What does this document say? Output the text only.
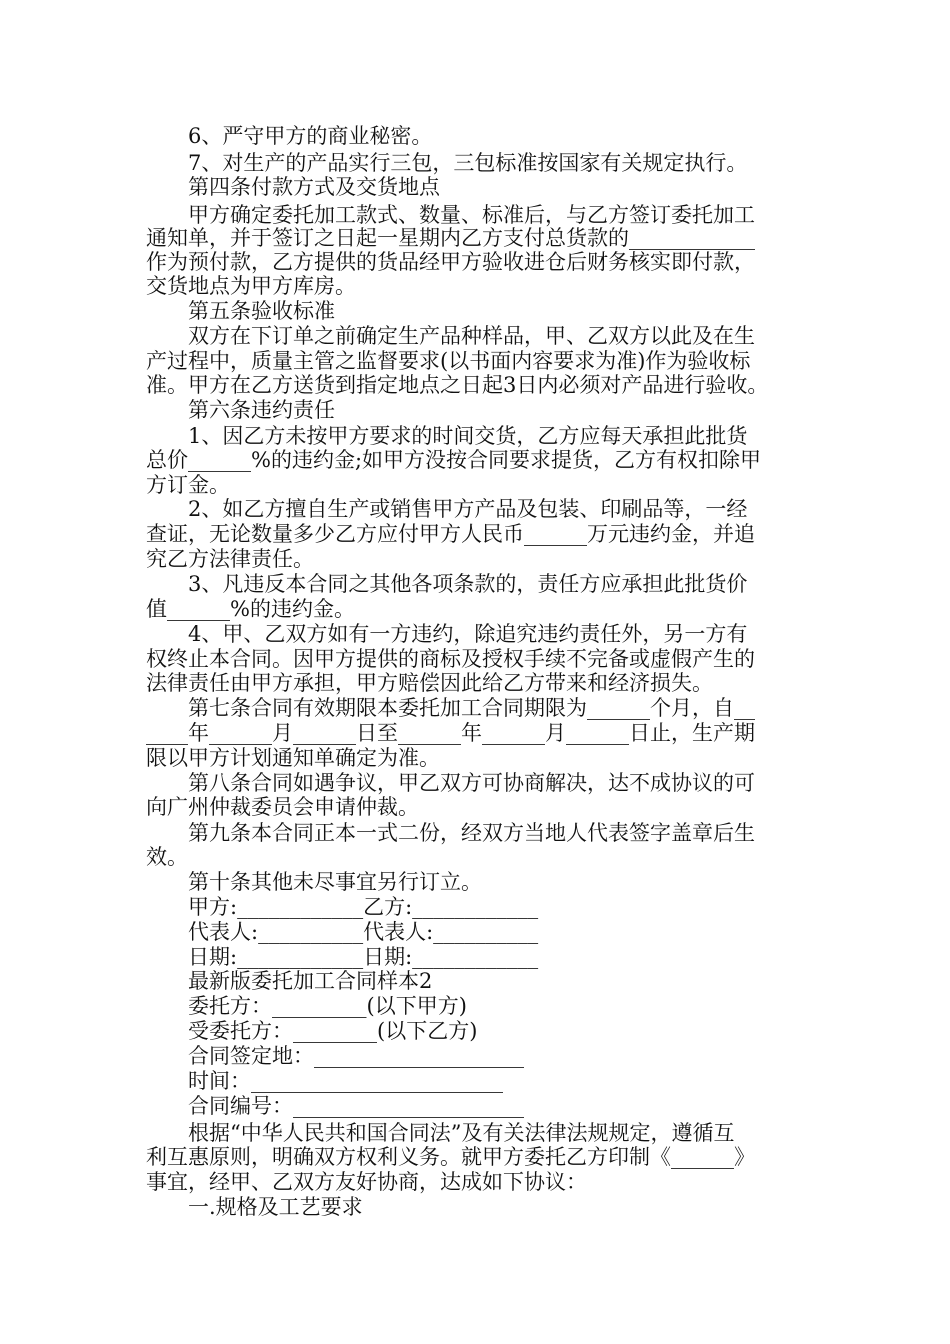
　　6、严守甲方的商业秘密。
　　7、对生产的产品实行三包，三包标准按国家有关规定执行。
　　第四条付款方式及交货地点
　　甲方确定委托加工款式、数量、标准后，与乙方签订委托加工
通知单，并于签订之日起一星期内乙方支付总货款的____________
作为预付款，乙方提供的货品经甲方验收进仓后财务核实即付款，
交货地点为甲方库房。
　　第五条验收标准
　　双方在下订单之前确定生产品种样品，甲、乙双方以此及在生
产过程中，质量主管之监督要求(以书面内容要求为准)作为验收标
准。甲方在乙方送货到指定地点之日起3日内必须对产品进行验收。
　　第六条违约责任
　　1、因乙方未按甲方要求的时间交货，乙方应每天承担此批货
总价______%的违约金;如甲方没按合同要求提货，乙方有权扣除甲
方订金。
　　2、如乙方擅自生产或销售甲方产品及包装、印刷品等，一经
查证，无论数量多少乙方应付甲方人民币______万元违约金，并追
究乙方法律责任。
　　3、凡违反本合同之其他各项条款的，责任方应承担此批货价
值______%的违约金。
　　4、甲、乙双方如有一方违约，除追究违约责任外，另一方有
权终止本合同。因甲方提供的商标及授权手续不完备或虚假产生的
法律责任由甲方承担，甲方赔偿因此给乙方带来和经济损失。
　　第七条合同有效期限本委托加工合同期限为______个月，自__
____年______月______日至______年______月______日止，生产期
限以甲方计划通知单确定为准。
　　第八条合同如遇争议，甲乙双方可协商解决，达不成协议的可
向广州仲裁委员会申请仲裁。
　　第九条本合同正本一式二份，经双方当地人代表签字盖章后生
效。
　　第十条其他未尽事宜另行订立。
　　甲方:____________乙方:____________
　　代表人:__________代表人:__________
　　日期:____________日期:____________
　　最新版委托加工合同样本2
　　委托方：_________(以下甲方)
　　受委托方：________(以下乙方)
　　合同签定地：____________________
　　时间：________________________
　　合同编号：______________________
　　根据“中华人民共和国合同法”及有关法律法规规定，遵循互
利互惠原则，明确双方权利义务。就甲方委托乙方印制《______》
事宜，经甲、乙双方友好协商，达成如下协议：
　　一.规格及工艺要求
